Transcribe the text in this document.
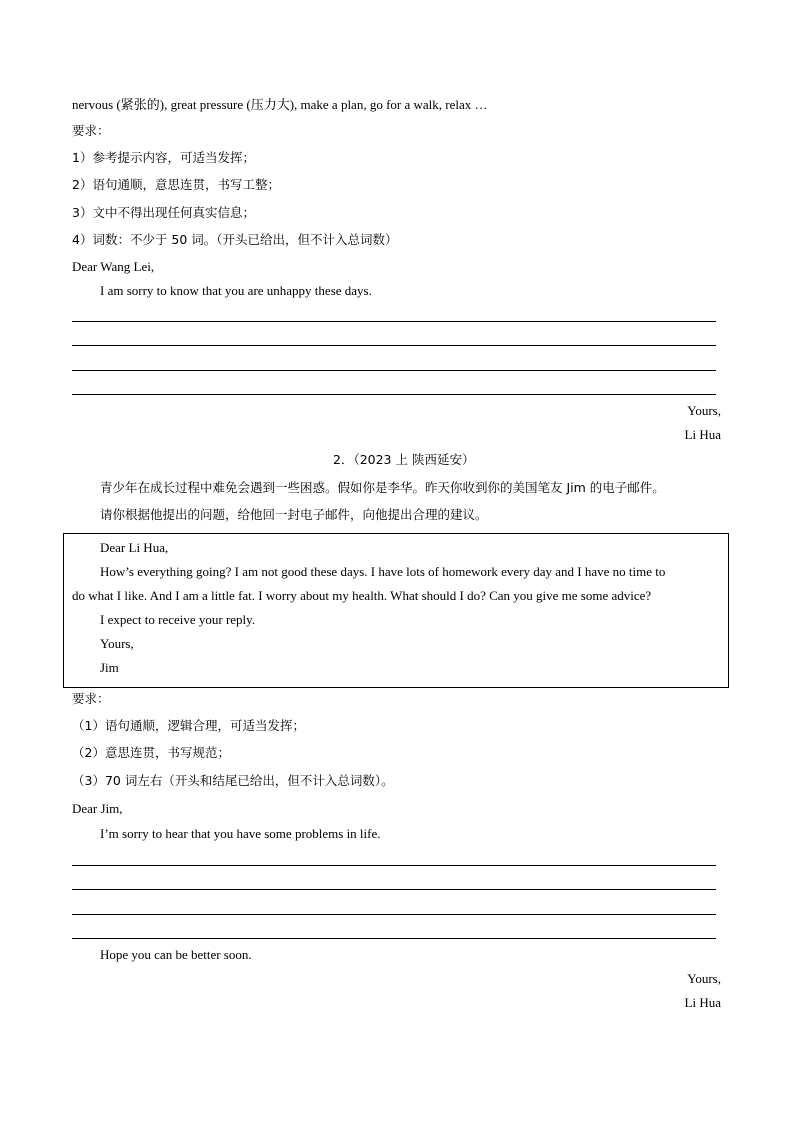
nervous (紧张的), great pressure (压力大), make a plan, go for a walk, relax …
要求：
1）参考提示内容，可适当发挥；
2）语句通顺，意思连贯，书写工整；
3）文中不得出现任何真实信息；
4）词数：不少于 50 词。（开头已给出，但不计入总词数）
Dear Wang Lei,
I am sorry to know that you are unhappy these days.
Yours,
Li Hua
2．（2023 上 陕西延安）
青少年在成长过程中难免会遇到一些困惑。假如你是李华。昨天你收到你的美国笔友 Jim 的电子邮件。
请你根据他提出的问题，给他回一封电子邮件，向他提出合理的建议。
Dear Li Hua,
How’s everything going? I am not good these days. I have lots of homework every day and I have no time to
do what I like. And I am a little fat. I worry about my health. What should I do? Can you give me some advice?
I expect to receive your reply.
Yours,
Jim
要求：
（1）语句通顺，逻辑合理，可适当发挥；
（2）意思连贯，书写规范；
（3）70 词左右（开头和结尾已给出，但不计入总词数）。
Dear Jim,
I’m sorry to hear that you have some problems in life.
Hope you can be better soon.
Yours,
Li Hua
